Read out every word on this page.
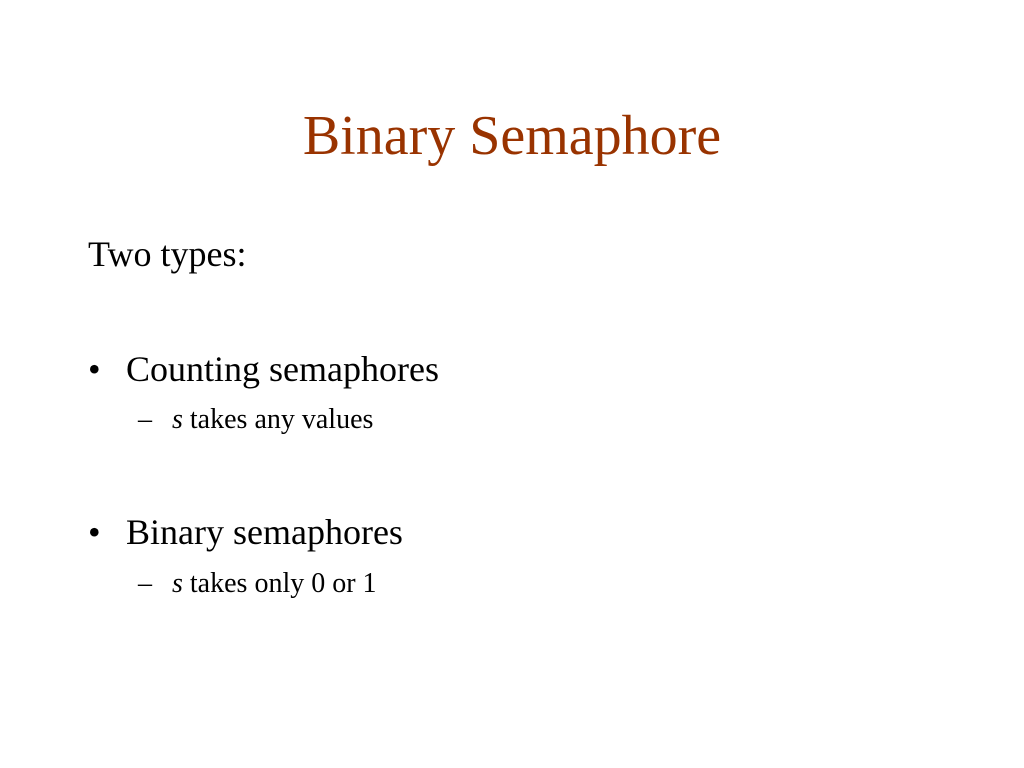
Binary Semaphore
Two types:
• Counting semaphores
– s takes any values
• Binary semaphores
– s takes only 0 or 1
